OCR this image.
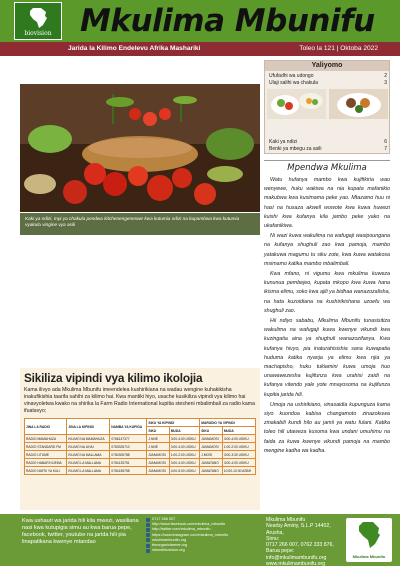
biovision Mkulima Mbunifu
Jarida la Kilimo Endelevu Afrika Mashariki	Toleo la 121 | Oktoba 2022
Kaki ya ndizi, mpi ya chakula pendwa kitchenengeneswe kwa kutumia ndizi na kupambwa kwa kutumia vyakula vingine vya asili
Yaliyomo
Ufufadhi wa udongo	2
Ulaji salihi wa chakula	3
Kaki ya ndizi	6
Benki ya mbegu za asili	7
Mpendwa Mkulima

Watu hufanya mambo kwa kujifikiria wao wenyewe, huku wakiwa na nia kupata mafanikio makubwa kwa kusimama peke yao. Mtazamo huu ni hasi na husaza akwell wowote kwa kuwa huwezi kuishi kwa kufanya kila jambo peke yako na ukafanikiwa.

Ni wazi kuwa wakulima na wafugaji wasipoungana na kufanya shughuli zao kwa pamoja, mambo yatakuwa magumu tu siku zote, kwa kuwa watakosa msimamo katika mambo mbalimbali.

Kwa mfano, ni vigumu kwa mkulima kuweza kununua pembejeo, kupata mkopo kwa kuwa hana ikisma elimu, soko kwa ajili ya bidhaa wanazozalisha, na hata kuzoidiana na kushirikishana uzoefu wa shughuli zao.

Hii ndiyo sababu, Mkulima Mbunifu tunasisitiza wakulima na wafugaji kuwa kwenye vikundi kwa kuzingatia aina ya shughuli wanazozifanya. Kwa kufanya hivyo, pia inaturahisishia sana kuwapatia huduma katika nyanja ya elimu kwa njia ya machapisho, huku tukiamini kuwa umoja huo unawawezesha kujifunza kwa urahisi zaidi na kufanya vitendo yale yote mnayosoma na kujifunza kupitia jarida hili.

Umoja na ushirikiano, vinasaidia kupunguza kama siyo kuondoa kabisa changamoto zinazokuwa zinakabili kundi hilo au jamii ya watu fulani. Katika toleo hili utaweza kusoma kwa undani umuhimu na faida za kuwa kwenye vikundi pamoja na mambo mengine kadha wa kadha.

Sikiliza vipindi vya kilimo ikolojia
Kama ilivyo ada Mkulima Mbunifu imeendelea kushirikiana na wadau wengine kuhakikisha inakufikishia taarifa sahihi za kilimo hai. Kwa mantiki hiyo, usache kusikiliza vipindi vya kilimo hai vinavyoletwa kwako na shirika la Farm Radio International kupitia stesheni mbalimbali za radio kama ifuatavyo;
JINA LA RADIO	JINA LA KIPINDI	NAMBA YA KUPIGA	SIKU YA KIPINDI		MARUDIO YA VIPINDI	
			SIKU	MUDA	SIKU	MUDA
RADIO MAMAHUZA	KILIMO NA MAMAHUZA	0766147377	J.NNE	3:00-4:00 USIKU	JUMAMOSI	3:00-4:00 USIKU
RADIO STANDARD FM	KILIMO NA UHAI	0783325710	J.NNE	3:00-4:00 USIKU	JUMAMOSI	1:00-2:00 USIKU
RADIO UTUME	KILIMO NA MALLAMA	0784305788	JUMAMOSI	1:00-2:00 USIKU	J.MOSI	3:00-3:30 USIKU
RADIO HABARI NJEMA	KILIMO LA MALLAMA	0784125751	JUMAMOSI	3:00-4:00 USIKU	JUMATANO	3:00-4:00 USIKU
RADIO NAFSI YA KULI	KILIMO LA MALLAMA	0784155758	JUMAMOSI	4:00-5:00 USIKU	JUMATANO	10:00-10:30 ASBH
Kwa ushauri wa jarida hili kila mwezi, wasiliana nasi kwa kutupigia simu au kwa barua pepe, facebook, twitter, youtube na jarida hili pia linapatikana kwenye mtandao
0717 266 007
http://www.facebook.com/mkulima_mbunifu
http://twitter.com/mkulima_mbunifu
https://www.instagram.com/mkulima_mbunifu
mkulimambunifu.org
theorganicfarmer.org
infonetbiovision.org
Mkulima Mbunifu
Nearby Amiriy, S.L.P 14402, Arusha,
Simu:
0717 266 007, 0762 333 876,
Barua pepe:
info@mkulimambunifu.org
www.mkulimambunifu.org
Mkulima Mbunifu
